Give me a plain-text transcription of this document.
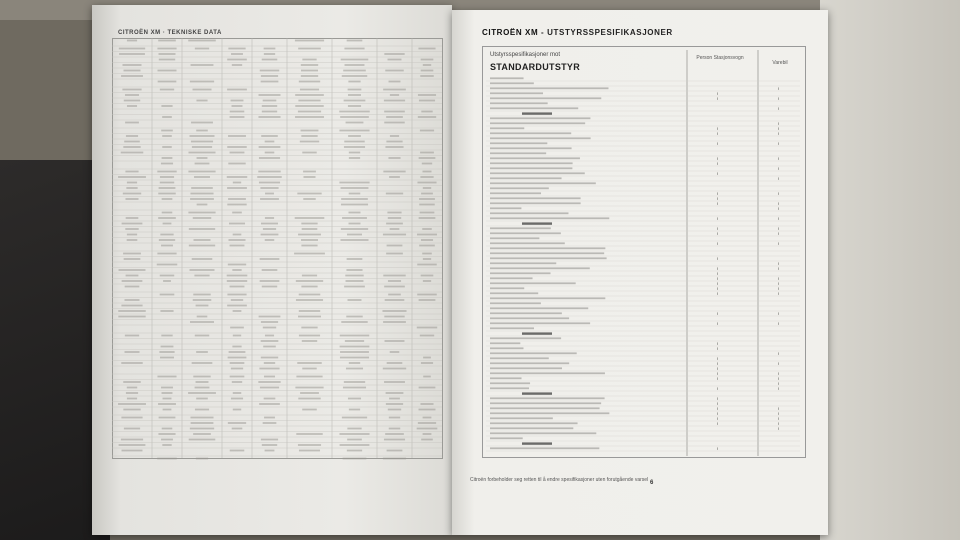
CITROËN XM · TEKNISKE DATA	CITROËN XM - UTSTYRSSPESIFIKASJONER
Utstyrsspesifikasjoner mot
STANDARDUTSTYR
Person Stasjonsvogn
Varebil
Citroën forbeholder seg retten til å endre spesifikasjoner uten forutgående varsel 6
